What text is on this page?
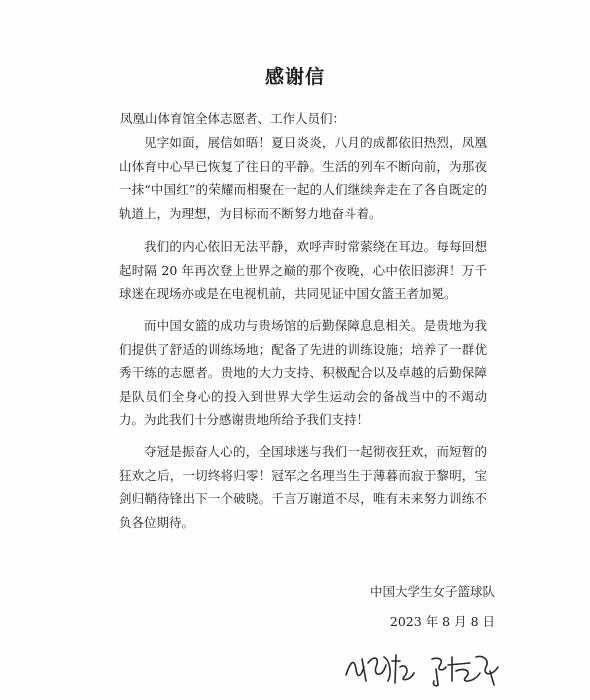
感谢信
凤凰山体育馆全体志愿者、工作人员们：

见字如面，展信如晤！夏日炎炎，八月的成都依旧热烈，凤凰山体育中心早已恢复了往日的平静。生活的列车不断向前，为那夜一抹“中国红”的荣耀而相聚在一起的人们继续奔走在了各自既定的轨道上，为理想，为目标而不断努力地奋斗着。

我们的内心依旧无法平静，欢呼声时常萦绕在耳边。每每回想起时隔 20 年再次登上世界之巅的那个夜晚，心中依旧澎湃！万千球迷在现场亦或是在电视机前，共同见证中国女篮王者加冕。

而中国女篮的成功与贵场馆的后勤保障息息相关。是贵地为我们提供了舒适的训练场地；配备了先进的训练设施；培养了一群优秀干练的志愿者。贵地的大力支持、积极配合以及卓越的后勤保障是队员们全身心的投入到世界大学生运动会的备战当中的不竭动力。为此我们十分感谢贵地所给予我们支持！

夺冠是振奋人心的，全国球迷与我们一起彻夜狂欢，而短暂的狂欢之后，一切终将归零！冠军之名理当生于薄暮而寂于黎明，宝剑归鞘待锋出下一个破晓。千言万谢道不尽，唯有未来努力训练不负各位期待。

中国大学生女子篮球队
2023 年 8 月 8 日
